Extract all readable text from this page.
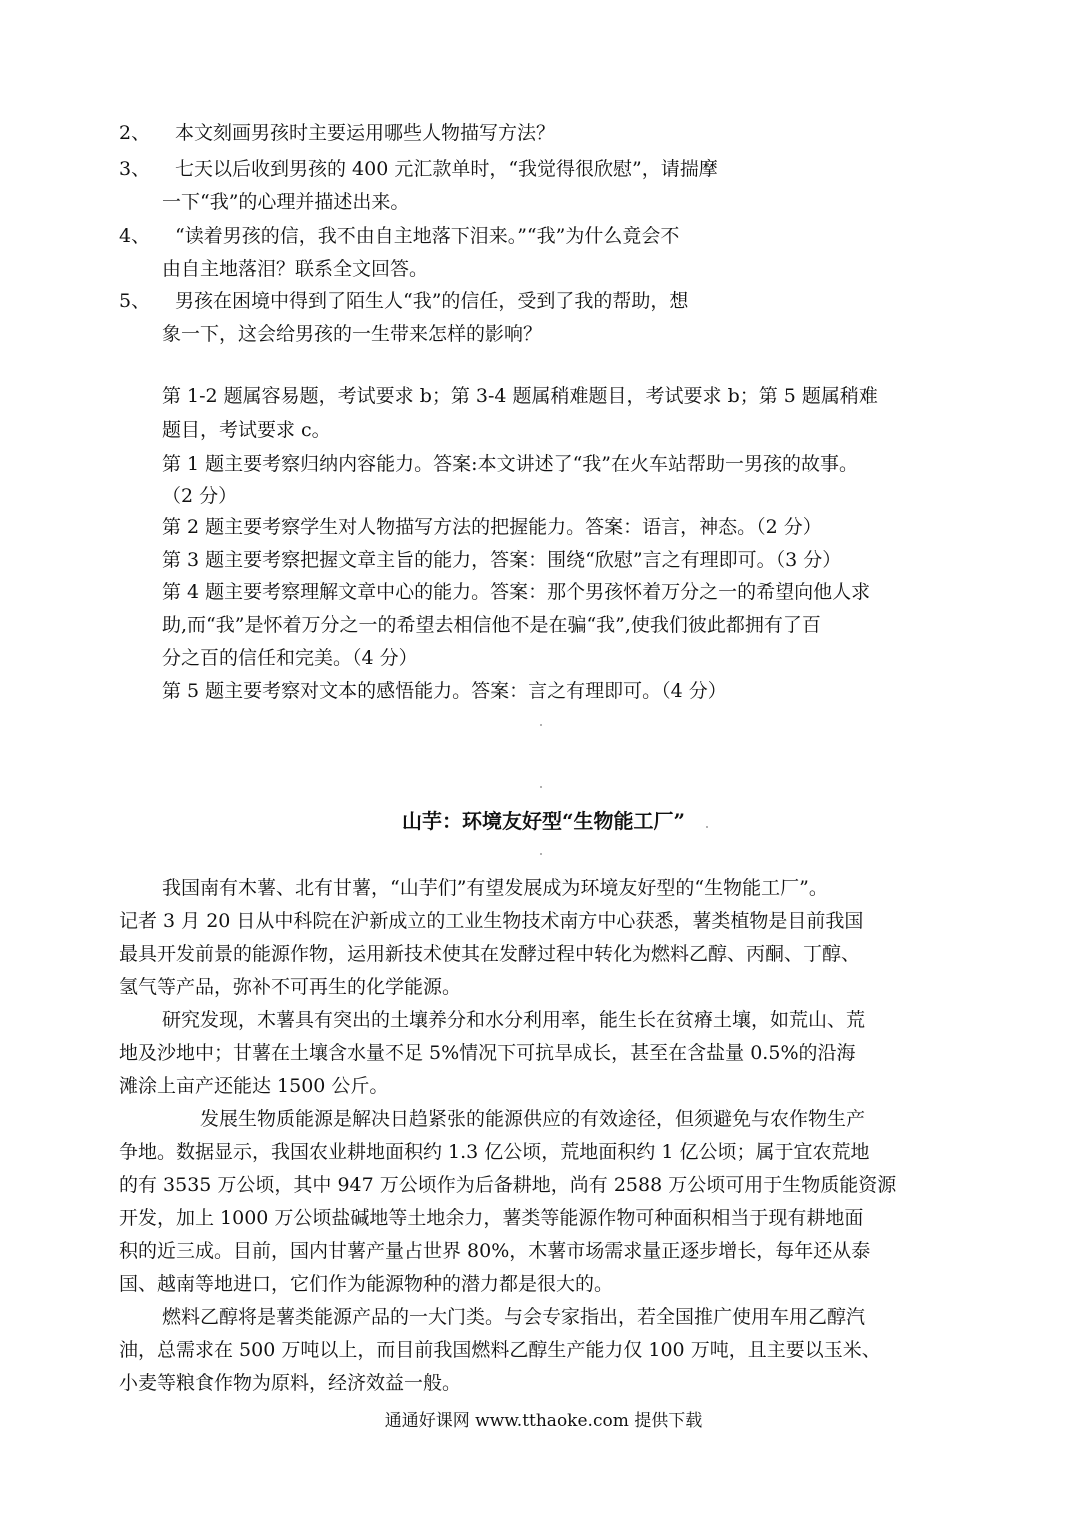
2、 本文刻画男孩时主要运用哪些人物描写方法？
3、 七天以后收到男孩的 400 元汇款单时，“我觉得很欣慰”，请揣摩
一下“我”的心理并描述出来。
4、 “读着男孩的信，我不由自主地落下泪来。”“我”为什么竟会不
由自主地落泪？联系全文回答。
5、 男孩在困境中得到了陌生人“我”的信任，受到了我的帮助，想
象一下，这会给男孩的一生带来怎样的影响？
第 1-2 题属容易题，考试要求 b；第 3-4 题属稍难题目，考试要求 b；第 5 题属稍难
题目，考试要求 c。
第 1 题主要考察归纳内容能力。答案:本文讲述了“我”在火车站帮助一男孩的故事。
（2 分）
第 2 题主要考察学生对人物描写方法的把握能力。答案：语言，神态。（2 分）
第 3 题主要考察把握文章主旨的能力，答案：围绕“欣慰”言之有理即可。（3 分）
第 4 题主要考察理解文章中心的能力。答案：那个男孩怀着万分之一的希望向他人求
助,而“我”是怀着万分之一的希望去相信他不是在骗“我”,使我们彼此都拥有了百
分之百的信任和完美。（4 分）
第 5 题主要考察对文本的感悟能力。答案：言之有理即可。（4 分）
山芋：环境友好型“生物能工厂”
我国南有木薯、北有甘薯，“山芋们”有望发展成为环境友好型的“生物能工厂”。
记者 3 月 20 日从中科院在沪新成立的工业生物技术南方中心获悉，薯类植物是目前我国
最具开发前景的能源作物，运用新技术使其在发酵过程中转化为燃料乙醇、丙酮、丁醇、
氢气等产品，弥补不可再生的化学能源。
研究发现，木薯具有突出的土壤养分和水分利用率，能生长在贫瘠土壤，如荒山、荒
地及沙地中；甘薯在土壤含水量不足 5%情况下可抗旱成长，甚至在含盐量 0.5%的沿海
滩涂上亩产还能达 1500 公斤。
发展生物质能源是解决日趋紧张的能源供应的有效途径，但须避免与农作物生产
争地。数据显示，我国农业耕地面积约 1.3 亿公顷，荒地面积约 1 亿公顷；属于宜农荒地
的有 3535 万公顷，其中 947 万公顷作为后备耕地，尚有 2588 万公顷可用于生物质能资源
开发，加上 1000 万公顷盐碱地等土地余力，薯类等能源作物可种面积相当于现有耕地面
积的近三成。目前，国内甘薯产量占世界 80%，木薯市场需求量正逐步增长，每年还从泰
国、越南等地进口，它们作为能源物种的潜力都是很大的。
燃料乙醇将是薯类能源产品的一大门类。与会专家指出，若全国推广使用车用乙醇汽
油，总需求在 500 万吨以上，而目前我国燃料乙醇生产能力仅 100 万吨，且主要以玉米、
小麦等粮食作物为原料，经济效益一般。
通通好课网 www.tthaoke.com 提供下载
